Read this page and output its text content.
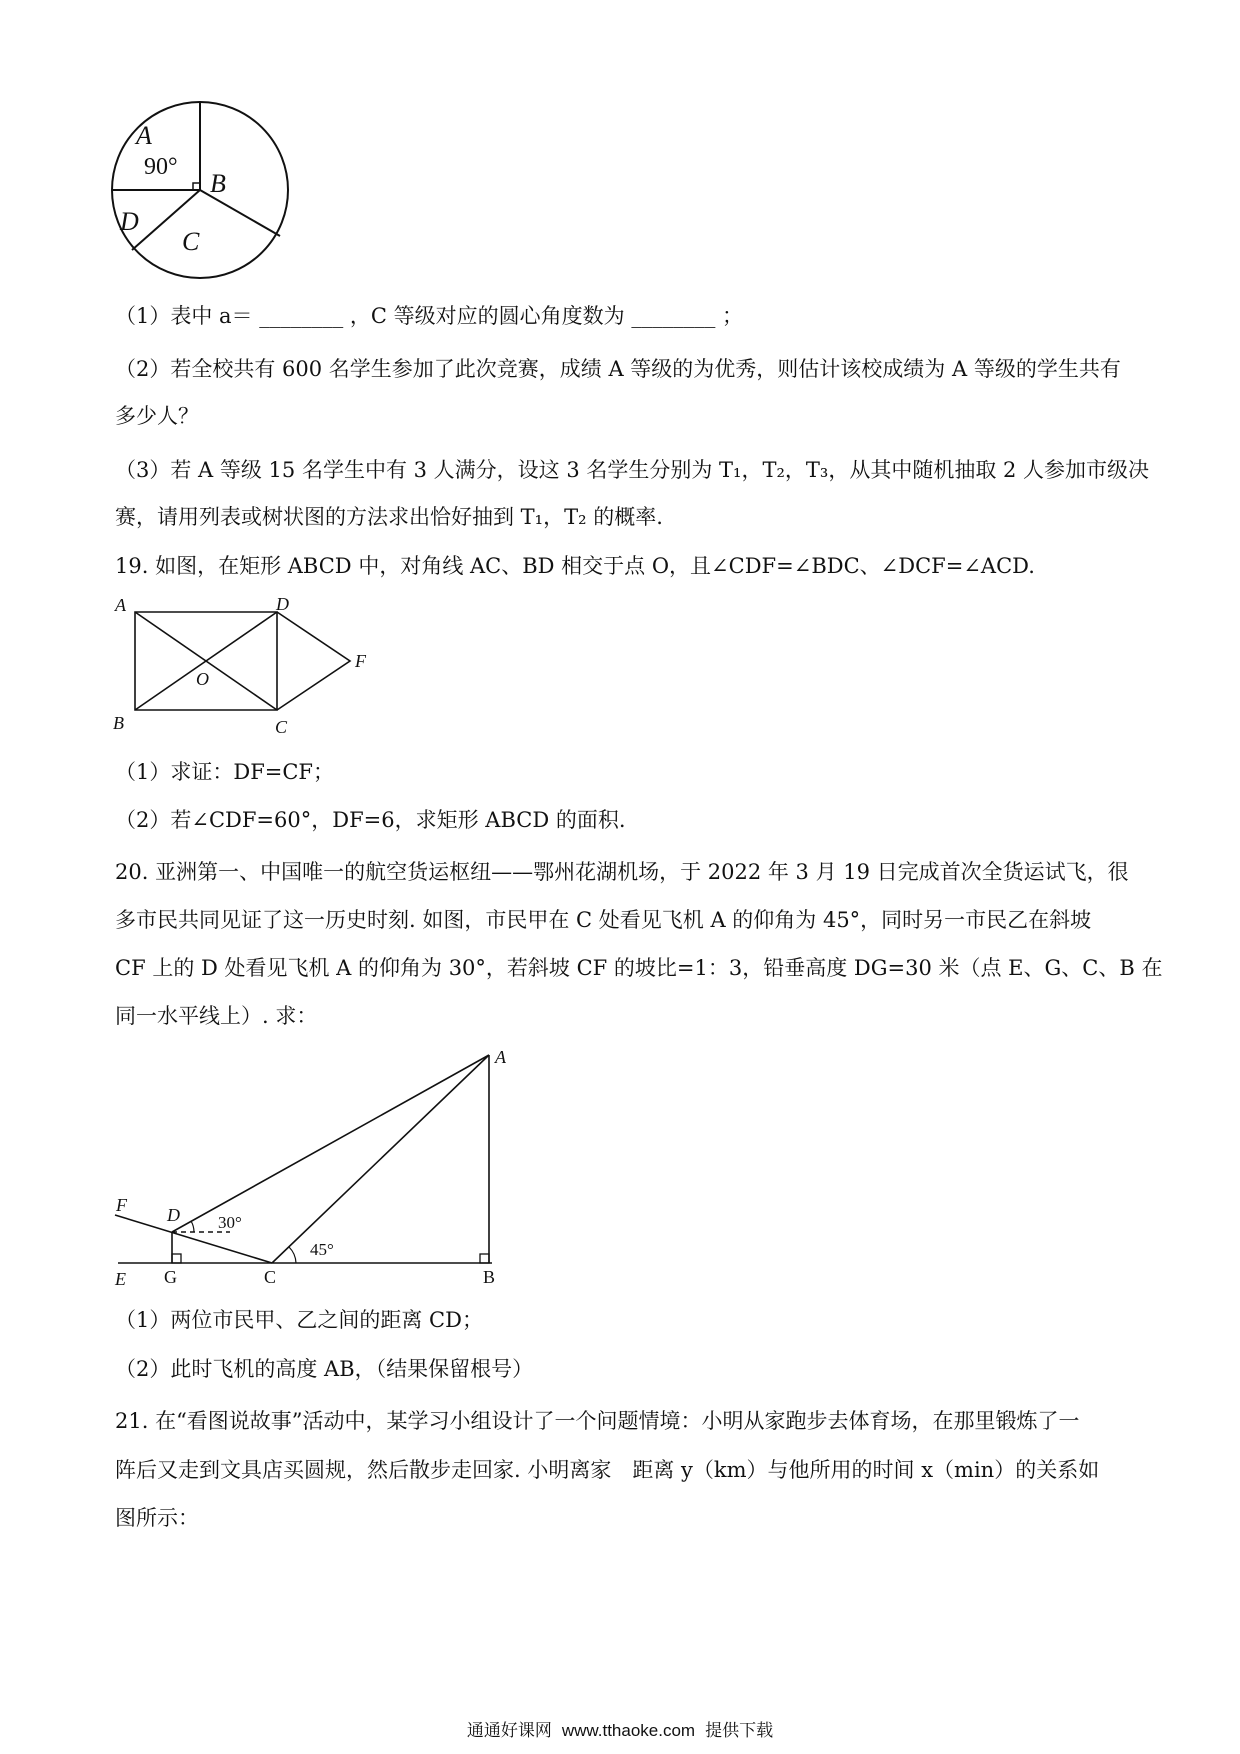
A
90°
B
C
D
（1）表中 a＝ ________ ，C 等级对应的圆心角度数为 ________ ；
（2）若全校共有 600 名学生参加了此次竞赛，成绩 A 等级的为优秀，则估计该校成绩为 A 等级的学生共有
多少人？
（3）若 A 等级 15 名学生中有 3 人满分，设这 3 名学生分别为 T₁，T₂，T₃，从其中随机抽取 2 人参加市级决
赛，请用列表或树状图的方法求出恰好抽到 T₁，T₂ 的概率.
19. 如图，在矩形 ABCD 中，对角线 AC、BD 相交于点 O，且∠CDF=∠BDC、∠DCF=∠ACD.
A	D
F
O
B	C
（1）求证：DF=CF；
（2）若∠CDF=60°，DF=6，求矩形 ABCD 的面积.
20. 亚洲第一、中国唯一的航空货运枢纽——鄂州花湖机场，于 2022 年 3 月 19 日完成首次全货运试飞，很
多市民共同见证了这一历史时刻. 如图，市民甲在 C 处看见飞机 A 的仰角为 45°，同时另一市民乙在斜坡
CF 上的 D 处看见飞机 A 的仰角为 30°，若斜坡 CF 的坡比=1：3，铅垂高度 DG=30 米（点 E、G、C、B 在
同一水平线上）. 求：
A
F D 30°
45°
E G	C	B
（1）两位市民甲、乙之间的距离 CD；
（2）此时飞机的高度 AB，（结果保留根号）
21. 在“看图说故事”活动中，某学习小组设计了一个问题情境：小明从家跑步去体育场，在那里锻炼了一
阵后又走到文具店买圆规，然后散步走回家. 小明离家　距离 y（km）与他所用的时间 x（min）的关系如
图所示：
通通好课网 www.tthaoke.com 提供下载
